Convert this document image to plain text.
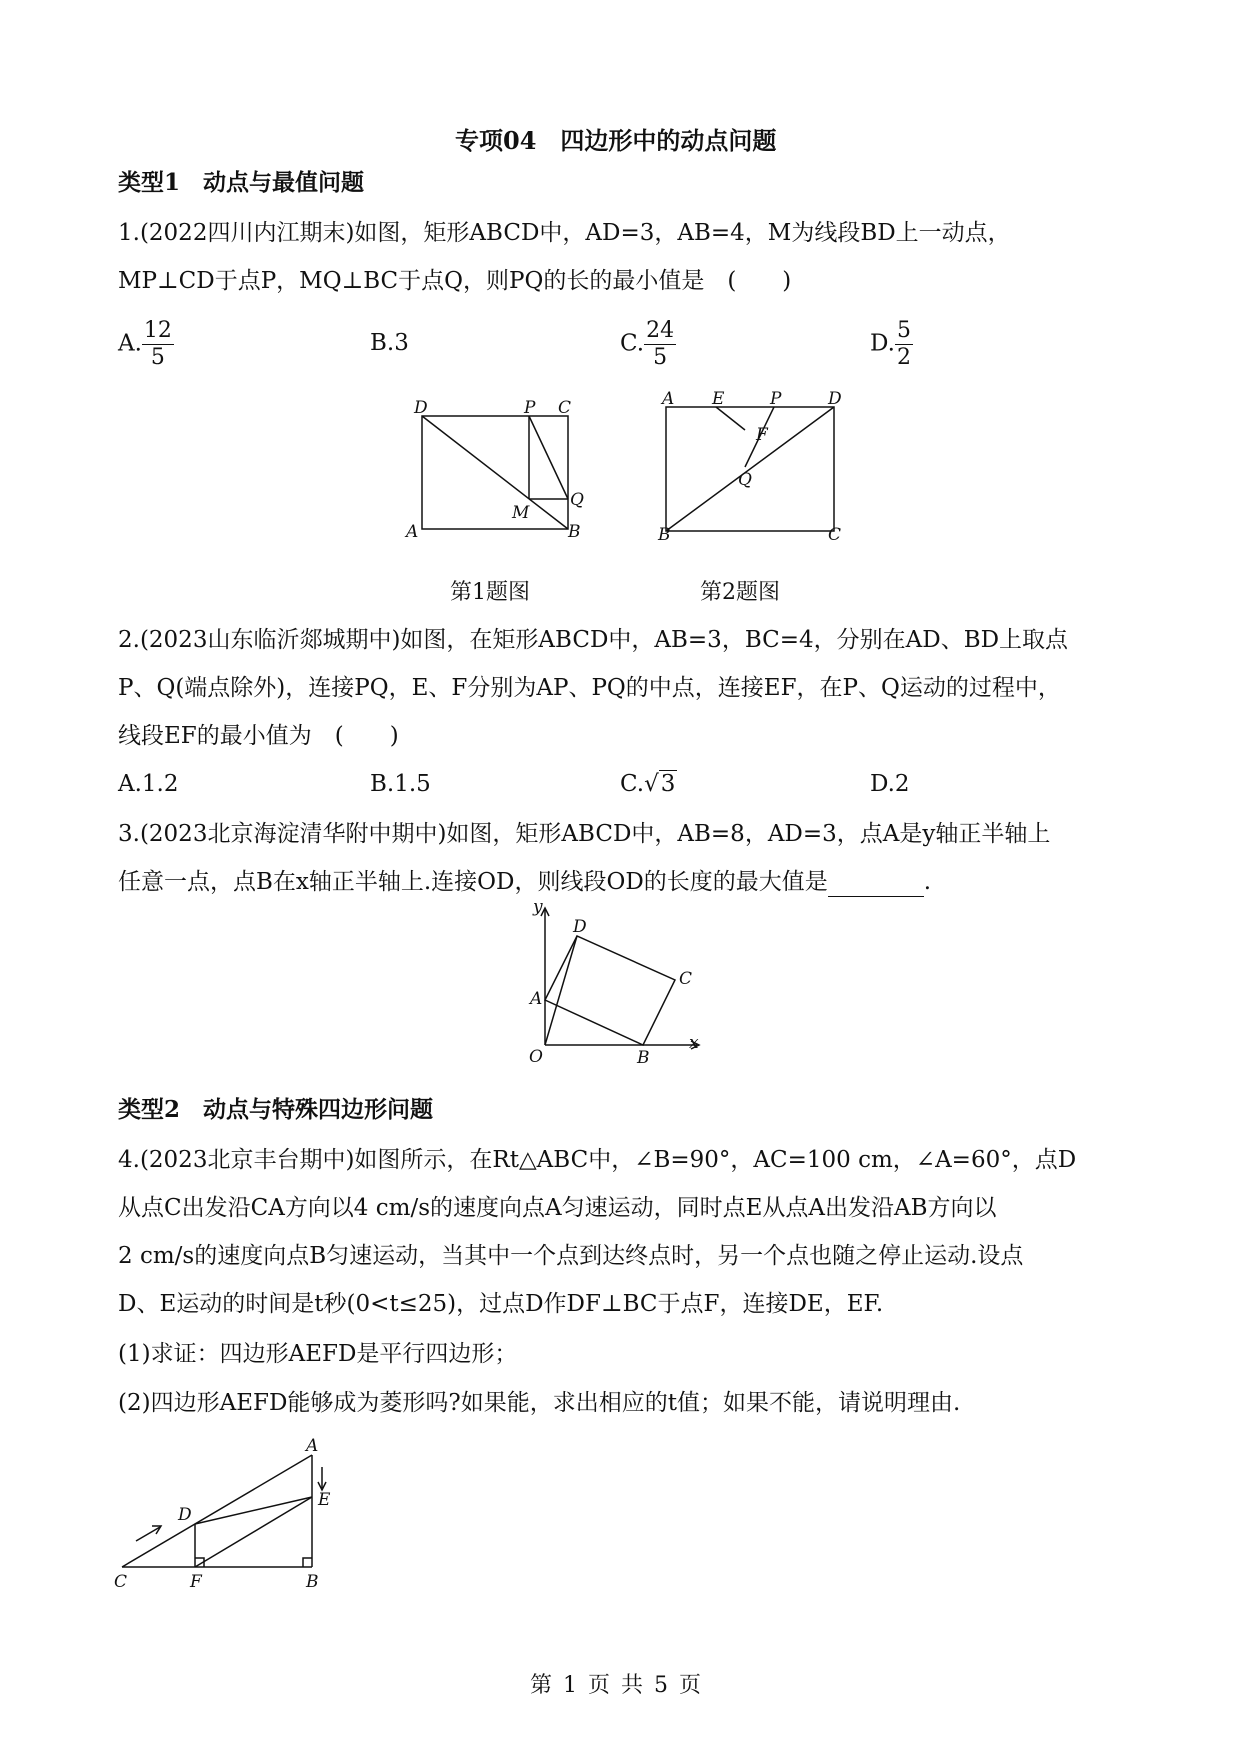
专项04　四边形中的动点问题
类型1　动点与最值问题
1.(2022四川内江期末)如图，矩形ABCD中，AD=3，AB=4，M为线段BD上一动点，
MP⊥CD于点P，MQ⊥BC于点Q，则PQ的长的最小值是　(　　)
A. $\frac{12}{5}$	B.3	C. $\frac{24}{5}$	D. $\frac{5}{2}$
D	P C
Q
M
A	B
第1题图
A E	P	D
F
Q
B	C
第2题图
2.(2023山东临沂郯城期中)如图，在矩形ABCD中，AB=3，BC=4，分别在AD、BD上取点
P、Q(端点除外)，连接PQ，E、F分别为AP、PQ的中点，连接EF，在P、Q运动的过程中，
线段EF的最小值为　(　　)
A.1.2	B.1.5	C.√3	D.2
3.(2023北京海淀清华附中期中)如图，矩形ABCD中，AB=8，AD=3，点A是y轴正半轴上
任意一点，点B在x轴正半轴上.连接OD，则线段OD的长度的最大值是	.
y
x
O
A
B
C
D
类型2　动点与特殊四边形问题
4.(2023北京丰台期中)如图所示，在Rt△ABC中，∠B=90°，AC=100 cm，∠A=60°，点D
从点C出发沿CA方向以4 cm/s的速度向点A匀速运动，同时点E从点A出发沿AB方向以
2 cm/s的速度向点B匀速运动，当其中一个点到达终点时，另一个点也随之停止运动.设点
D、E运动的时间是t秒(0<t≤25)，过点D作DF⊥BC于点F，连接DE，EF.
(1)求证：四边形AEFD是平行四边形；
(2)四边形AEFD能够成为菱形吗?如果能，求出相应的t值；如果不能，请说明理由.
A
E
D
C	F	B
第 1 页 共 5 页
